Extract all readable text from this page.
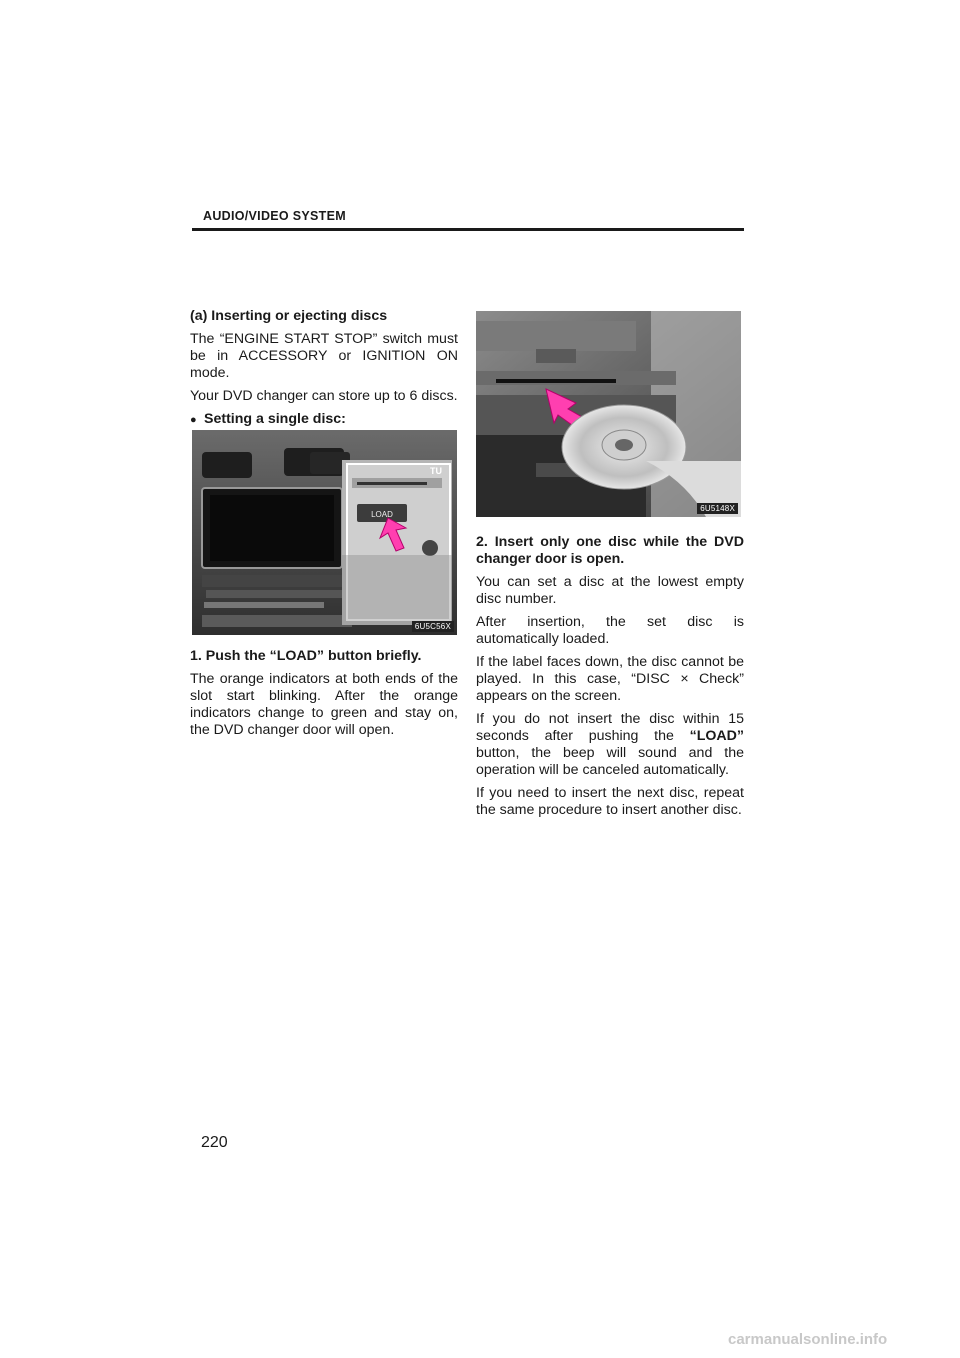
AUDIO/VIDEO SYSTEM

(a) Inserting or ejecting discs

The “ENGINE START STOP” switch must be in ACCESSORY or IGNITION ON mode.

Your DVD changer can store up to 6 discs.

● Setting a single disc:

LOAD
TU
6U5C56X

1. Push the “LOAD” button briefly.

The orange indicators at both ends of the slot start blinking. After the orange indicators change to green and stay on, the DVD changer door will open.

6U5148X

2. Insert only one disc while the DVD changer door is open.

You can set a disc at the lowest empty disc number.

After insertion, the set disc is automatically loaded.

If the label faces down, the disc cannot be played. In this case, “DISC × Check” appears on the screen.

If you do not insert the disc within 15 seconds after pushing the “LOAD” button, the beep will sound and the operation will be canceled automatically.

If you need to insert the next disc, repeat the same procedure to insert another disc.

220
carmanualsonline.info
